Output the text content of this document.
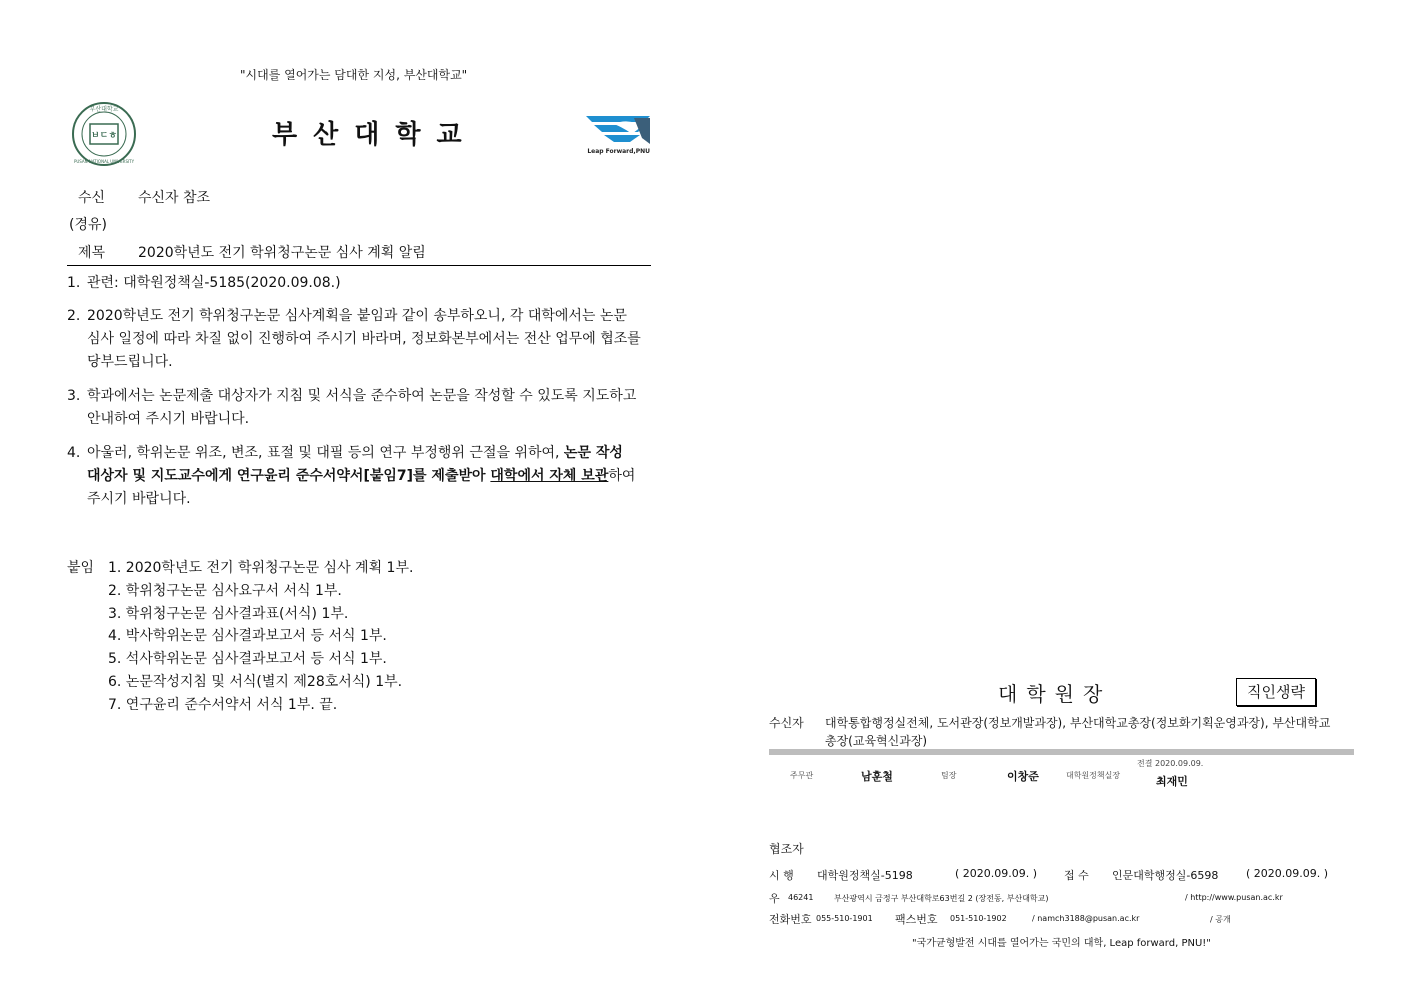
"시대를 열어가는 담대한 지성, 부산대학교"
부산대학교
ㅂㄷㅎ
PUSAN NATIONAL UNIVERSITY
부산대학교
Leap Forward,PNU
수신 수신자 참조
(경유)
제목 2020학년도 전기 학위청구논문 심사 계획 알림
1. 관련: 대학원정책실-5185(2020.09.08.)
2. 2020학년도 전기 학위청구논문 심사계획을 붙임과 같이 송부하오니, 각 대학에서는 논문
심사 일정에 따라 차질 없이 진행하여 주시기 바라며, 정보화본부에서는 전산 업무에 협조를
당부드립니다.
3. 학과에서는 논문제출 대상자가 지침 및 서식을 준수하여 논문을 작성할 수 있도록 지도하고
안내하여 주시기 바랍니다.
4. 아울러, 학위논문 위조, 변조, 표절 및 대필 등의 연구 부정행위 근절을 위하여, 논문 작성
대상자 및 지도교수에게 연구윤리 준수서약서[붙임7]를 제출받아 대학에서 자체 보관하여
주시기 바랍니다.
붙임 1. 2020학년도 전기 학위청구논문 심사 계획 1부.
2. 학위청구논문 심사요구서 서식 1부.
3. 학위청구논문 심사결과표(서식) 1부.
4. 박사학위논문 심사결과보고서 등 서식 1부.
5. 석사학위논문 심사결과보고서 등 서식 1부.
6. 논문작성지침 및 서식(별지 제28호서식) 1부.
7. 연구윤리 준수서약서 서식 1부. 끝.	대학원장	직인생략
수신자 대학통합행정실전체, 도서관장(정보개발과장), 부산대학교총장(정보화기획운영과장), 부산대학교
총장(교육혁신과장)
주무관	남훈철	팀장	이창준	대학원정책실장
전결 2020.09.09.
최재민
협조자
시 행 대학원정책실-5198	( 2020.09.09. ) 접 수 인문대학행정실-6598	( 2020.09.09. )
우 46241	부산광역시 금정구 부산대학로63번길 2 (장전동, 부산대학교)	/ http://www.pusan.ac.kr
전화번호 055-510-1901 팩스번호 051-510-1902	/ namch3188@pusan.ac.kr	/ 공개
"국가균형발전 시대를 열어가는 국민의 대학, Leap forward, PNU!"
